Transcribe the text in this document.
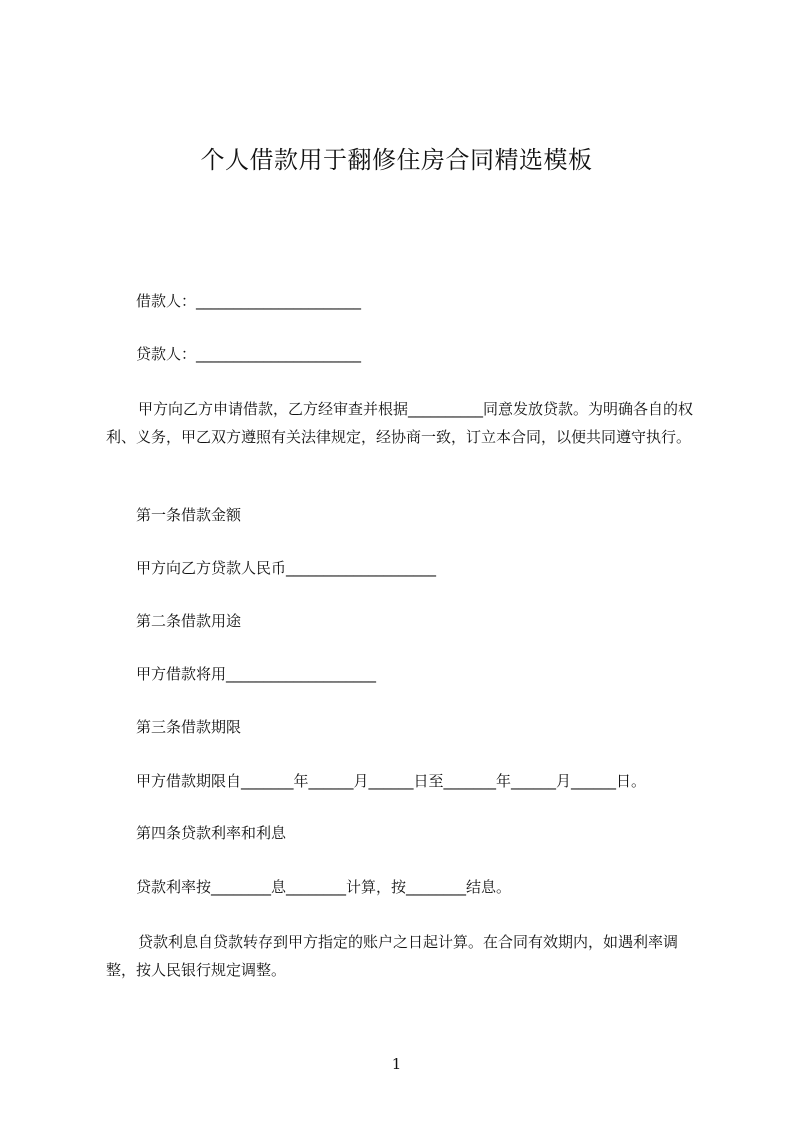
个人借款用于翻修住房合同精选模板
借款人：______________________
贷款人：______________________
甲方向乙方申请借款，乙方经审查并根据__________同意发放贷款。为明确各自的权利、义务，甲乙双方遵照有关法律规定，经协商一致，订立本合同，以便共同遵守执行。
第一条借款金额
甲方向乙方贷款人民币____________________
第二条借款用途
甲方借款将用____________________
第三条借款期限
甲方借款期限自_______年______月______日至_______年______月______日。
第四条贷款利率和利息
贷款利率按________息________计算，按________结息。
贷款利息自贷款转存到甲方指定的账户之日起计算。在合同有效期内，如遇利率调整，按人民银行规定调整。
1
